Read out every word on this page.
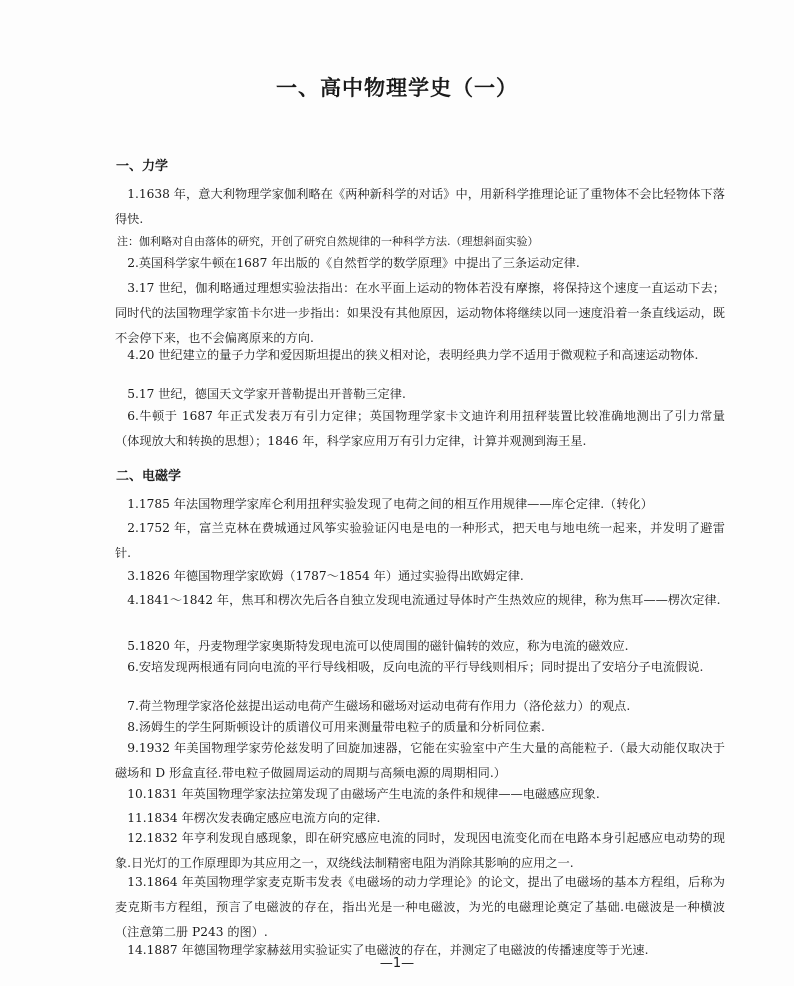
一、高中物理学史（一）
一、力学

1.1638 年，意大利物理学家伽利略在《两种新科学的对话》中，用新科学推理论证了重物体不会比轻物体下落得快.

注：伽利略对自由落体的研究，开创了研究自然规律的一种科学方法.（理想斜面实验）

2.英国科学家牛顿在1687 年出版的《自然哲学的数学原理》中提出了三条运动定律.

3.17 世纪，伽利略通过理想实验法指出：在水平面上运动的物体若没有摩擦，将保持这个速度一直运动下去；同时代的法国物理学家笛卡尔进一步指出：如果没有其他原因，运动物体将继续以同一速度沿着一条直线运动，既不会停下来，也不会偏离原来的方向.

4.20 世纪建立的量子力学和爱因斯坦提出的狭义相对论，表明经典力学不适用于微观粒子和高速运动物体.

5.17 世纪，德国天文学家开普勒提出开普勒三定律.

6.牛顿于 1687 年正式发表万有引力定律；英国物理学家卡文迪许利用扭秤装置比较准确地测出了引力常量（体现放大和转换的思想）；1846 年，科学家应用万有引力定律，计算并观测到海王星.

二、电磁学

1.1785 年法国物理学家库仑利用扭秤实验发现了电荷之间的相互作用规律——库仑定律.（转化）

2.1752 年，富兰克林在费城通过风筝实验验证闪电是电的一种形式，把天电与地电统一起来，并发明了避雷针.

3.1826 年德国物理学家欧姆（1787～1854 年）通过实验得出欧姆定律.

4.1841～1842 年，焦耳和楞次先后各自独立发现电流通过导体时产生热效应的规律，称为焦耳——楞次定律.

5.1820 年，丹麦物理学家奥斯特发现电流可以使周围的磁针偏转的效应，称为电流的磁效应.

6.安培发现两根通有同向电流的平行导线相吸，反向电流的平行导线则相斥；同时提出了安培分子电流假说.

7.荷兰物理学家洛伦兹提出运动电荷产生磁场和磁场对运动电荷有作用力（洛伦兹力）的观点.

8.汤姆生的学生阿斯顿设计的质谱仪可用来测量带电粒子的质量和分析同位素.

9.1932 年美国物理学家劳伦兹发明了回旋加速器，它能在实验室中产生大量的高能粒子.（最大动能仅取决于磁场和 D 形盒直径.带电粒子做圆周运动的周期与高频电源的周期相同.）

10.1831 年英国物理学家法拉第发现了由磁场产生电流的条件和规律——电磁感应现象.

11.1834 年楞次发表确定感应电流方向的定律.

12.1832 年亨利发现自感现象，即在研究感应电流的同时，发现因电流变化而在电路本身引起感应电动势的现象.日光灯的工作原理即为其应用之一，双绕线法制精密电阻为消除其影响的应用之一.

13.1864 年英国物理学家麦克斯韦发表《电磁场的动力学理论》的论文，提出了电磁场的基本方程组，后称为麦克斯韦方程组，预言了电磁波的存在，指出光是一种电磁波，为光的电磁理论奠定了基础.电磁波是一种横波（注意第二册 P243 的图）.

14.1887 年德国物理学家赫兹用实验证实了电磁波的存在，并测定了电磁波的传播速度等于光速.

—1—
